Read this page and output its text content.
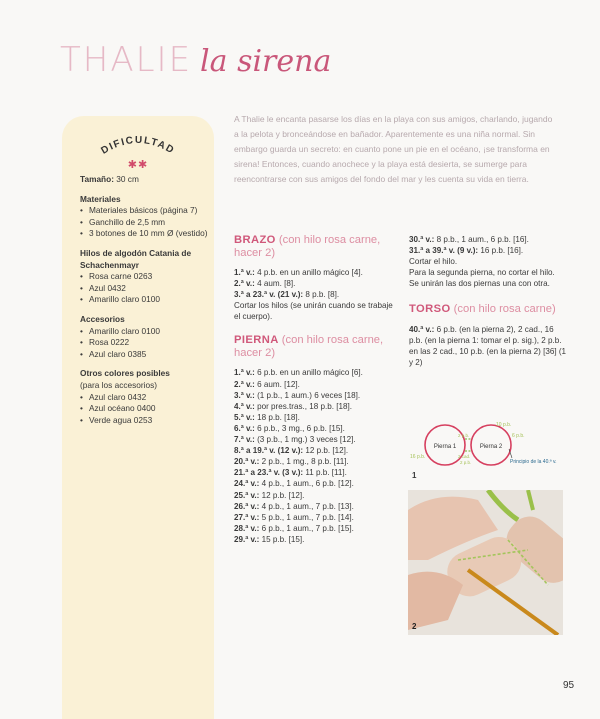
THALIE la sirena
DIFICULTAD
✱✱

Tamaño: 30 cm

Materiales

• Materiales básicos (página 7)
• Ganchillo de 2,5 mm
• 3 botones de 10 mm Ø (vestido)

Hilos de algodón Catania de Schachenmayr

• Rosa carne 0263
• Azul 0432
• Amarillo claro 0100

Accesorios

• Amarillo claro 0100
• Rosa 0222
• Azul claro 0385

Otros colores posibles

(para los accesorios)

• Azul claro 0432
• Azul océano 0400
• Verde agua 0253

A Thalie le encanta pasarse los días en la playa con sus amigos, charlando, jugando a la pelota y bronceándose en bañador. Aparentemente es una niña normal. Sin embargo guarda un secreto: en cuanto pone un pie en el océano, ¡se transforma en sirena! Entonces, cuando anochece y la playa está desierta, se sumerge para reencontrarse con sus amigos del fondo del mar y les cuenta su vida en tierra.

BRAZO (con hilo rosa carne, hacer 2)

1.ª v.: 4 p.b. en un anillo mágico [4].

2.ª v.: 4 aum. [8].

3.ª a 23.ª v. (21 v.): 8 p.b. [8].

Cortar los hilos (se unirán cuando se trabaje el cuerpo).

PIERNA (con hilo rosa carne, hacer 2)

1.ª v.: 6 p.b. en un anillo mágico [6].

2.ª v.: 6 aum. [12].

3.ª v.: (1 p.b., 1 aum.) 6 veces [18].

4.ª v.: por pres.tras., 18 p.b. [18].

5.ª v.: 18 p.b. [18].

6.ª v.: 6 p.b., 3 mg., 6 p.b. [15].

7.ª v.: (3 p.b., 1 mg.) 3 veces [12].

8.ª a 19.ª v. (12 v.): 12 p.b. [12].

20.ª v.: 2 p.b., 1 mg., 8 p.b. [11].

21.ª a 23.ª v. (3 v.): 11 p.b. [11].

24.ª v.: 4 p.b., 1 aum., 6 p.b. [12].

25.ª v.: 12 p.b. [12].

26.ª v.: 4 p.b., 1 aum., 7 p.b. [13].

27.ª v.: 5 p.b., 1 aum., 7 p.b. [14].

28.ª v.: 6 p.b., 1 aum., 7 p.b. [15].

29.ª v.: 15 p.b. [15].

30.ª v.: 8 p.b., 1 aum., 6 p.b. [16].

31.ª a 39.ª v. (9 v.): 16 p.b. [16].

Cortar el hilo.

Para la segunda pierna, no cortar el hilo.

Se unirán las dos piernas una con otra.

TORSO (con hilo rosa carne)

40.ª v.: 6 p.b. (en la pierna 2), 2 cad., 16 p.b. (en la pierna 1: tomar el p. sig.), 2 p.b. en las 2 cad., 10 p.b. (en la pierna 2) [36] (1 y 2)

Pierna 1	Pierna 2
16 p.b.
10 p.b.
6 p.b.
2 p.b.
2 cad.
2 p.b.	Principio de la 40.ª v.
1
2
95
